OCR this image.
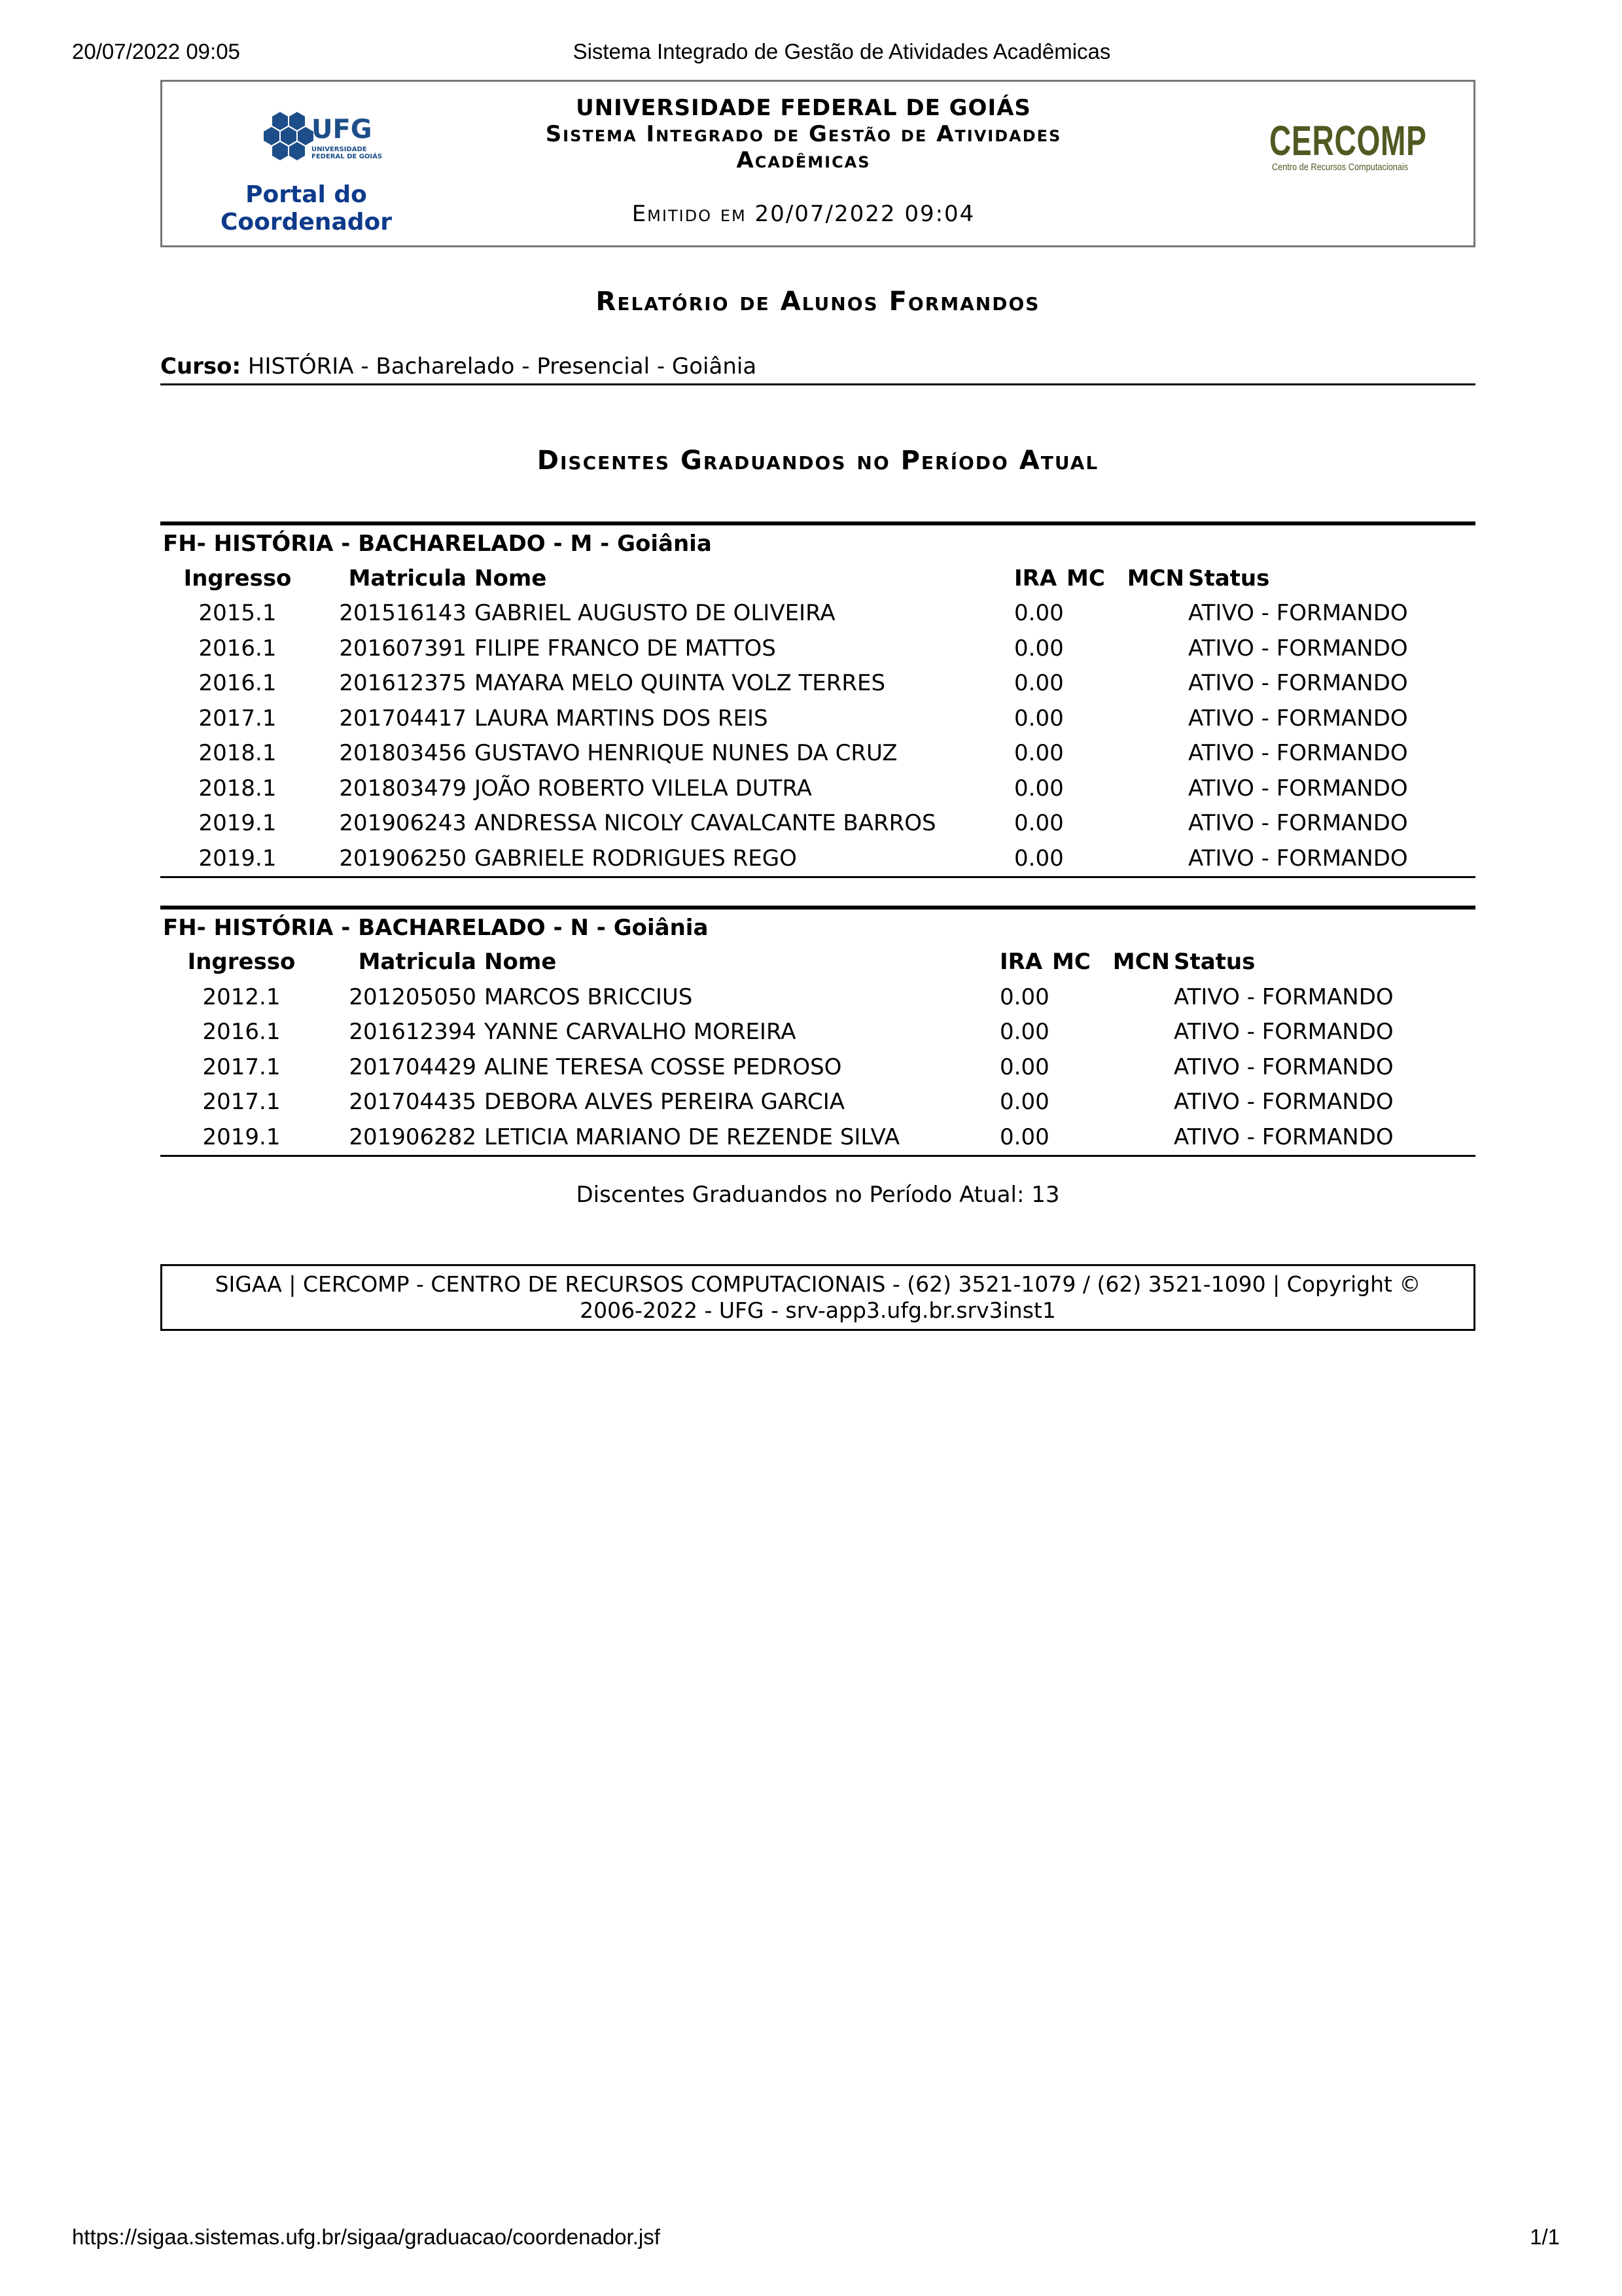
20/07/2022 09:05	Sistema Integrado de Gestão de Atividades Acadêmicas
UFG
UNIVERSIDADE
FEDERAL DE GOIÁS
Portal do
Coordenador
UNIVERSIDADE FEDERAL DE GOIÁS
Sistema Integrado de Gestão de Atividades
Acadêmicas
Emitido em 20/07/2022 09:04
CERCOMP
Centro de Recursos Computacionais
Relatório de Alunos Formandos
Curso: HISTÓRIA - Bacharelado - Presencial - Goiânia
Discentes Graduandos no Período Atual
FH- HISTÓRIA - BACHARELADO - M - Goiânia
Ingresso	Matricula	Nome	IRA	MC	MCN	Status
2015.1	201516143	GABRIEL AUGUSTO DE OLIVEIRA	0.00			ATIVO - FORMANDO
2016.1	201607391	FILIPE FRANCO DE MATTOS	0.00			ATIVO - FORMANDO
2016.1	201612375	MAYARA MELO QUINTA VOLZ TERRES	0.00			ATIVO - FORMANDO
2017.1	201704417	LAURA MARTINS DOS REIS	0.00			ATIVO - FORMANDO
2018.1	201803456	GUSTAVO HENRIQUE NUNES DA CRUZ	0.00			ATIVO - FORMANDO
2018.1	201803479	JOÃO ROBERTO VILELA DUTRA	0.00			ATIVO - FORMANDO
2019.1	201906243	ANDRESSA NICOLY CAVALCANTE BARROS	0.00			ATIVO - FORMANDO
2019.1	201906250	GABRIELE RODRIGUES REGO	0.00			ATIVO - FORMANDO
FH- HISTÓRIA - BACHARELADO - N - Goiânia
Ingresso	Matricula	Nome	IRA	MC	MCN	Status
2012.1	201205050	MARCOS BRICCIUS	0.00			ATIVO - FORMANDO
2016.1	201612394	YANNE CARVALHO MOREIRA	0.00			ATIVO - FORMANDO
2017.1	201704429	ALINE TERESA COSSE PEDROSO	0.00			ATIVO - FORMANDO
2017.1	201704435	DEBORA ALVES PEREIRA GARCIA	0.00			ATIVO - FORMANDO
2019.1	201906282	LETICIA MARIANO DE REZENDE SILVA	0.00			ATIVO - FORMANDO
Discentes Graduandos no Período Atual: 13
SIGAA | CERCOMP - CENTRO DE RECURSOS COMPUTACIONAIS - (62) 3521-1079 / (62) 3521-1090 | Copyright ©
2006-2022 - UFG - srv-app3.ufg.br.srv3inst1
https://sigaa.sistemas.ufg.br/sigaa/graduacao/coordenador.jsf	1/1
